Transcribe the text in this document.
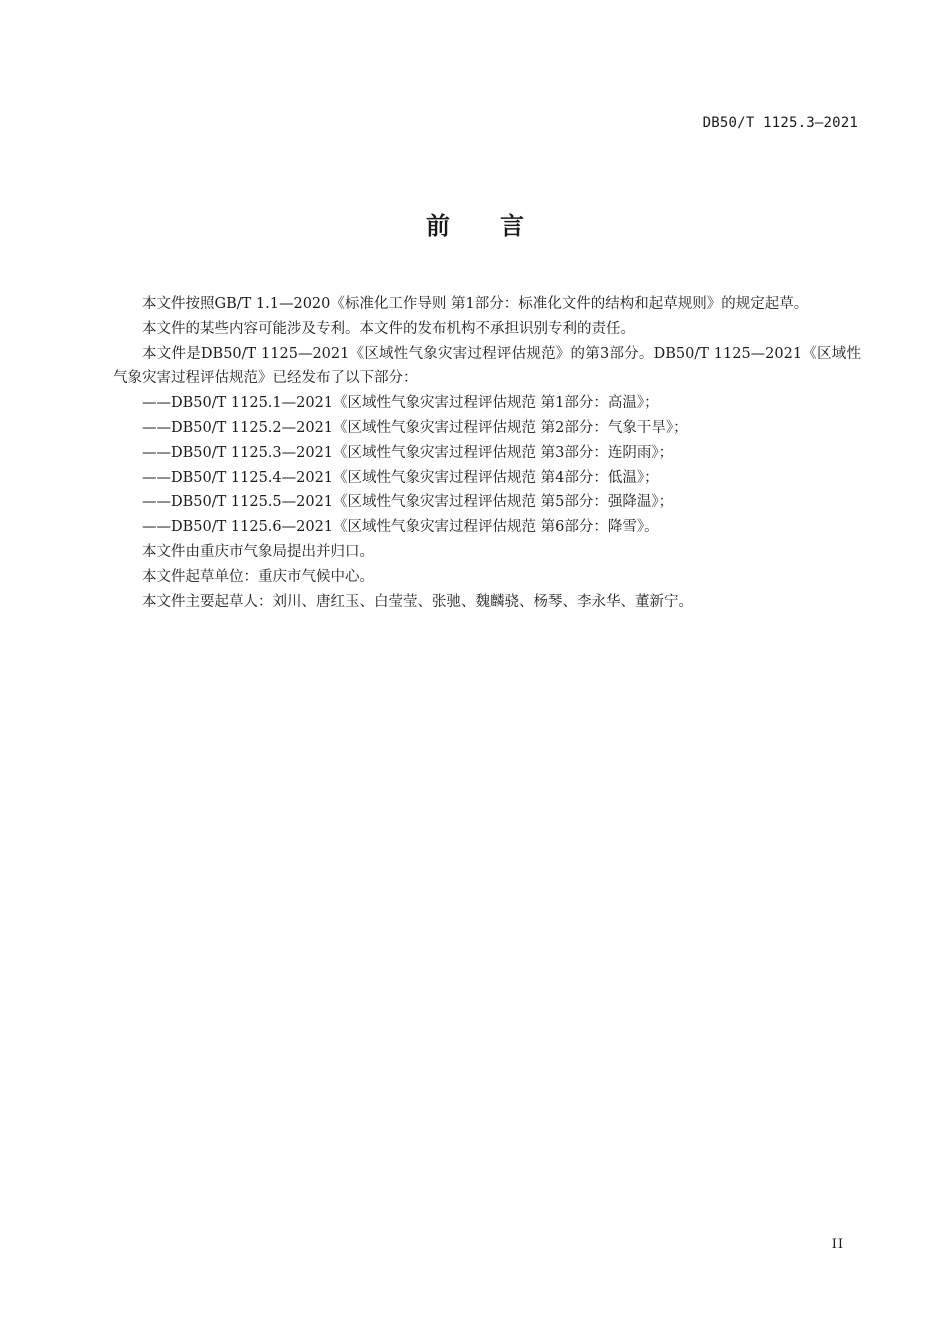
DB50/T 1125.3—2021
前言

本文件按照GB/T 1.1—2020《标准化工作导则 第1部分：标准化文件的结构和起草规则》的规定起草。

本文件的某些内容可能涉及专利。本文件的发布机构不承担识别专利的责任。

本文件是DB50/T 1125—2021《区域性气象灾害过程评估规范》的第3部分。DB50/T 1125—2021《区域性气象灾害过程评估规范》已经发布了以下部分：

——DB50/T 1125.1—2021《区域性气象灾害过程评估规范 第1部分：高温》；

——DB50/T 1125.2—2021《区域性气象灾害过程评估规范 第2部分：气象干旱》；

——DB50/T 1125.3—2021《区域性气象灾害过程评估规范 第3部分：连阴雨》；

——DB50/T 1125.4—2021《区域性气象灾害过程评估规范 第4部分：低温》；

——DB50/T 1125.5—2021《区域性气象灾害过程评估规范 第5部分：强降温》；

——DB50/T 1125.6—2021《区域性气象灾害过程评估规范 第6部分：降雪》。

本文件由重庆市气象局提出并归口。

本文件起草单位：重庆市气候中心。

本文件主要起草人：刘川、唐红玉、白莹莹、张驰、魏麟骁、杨琴、李永华、董新宁。

II
